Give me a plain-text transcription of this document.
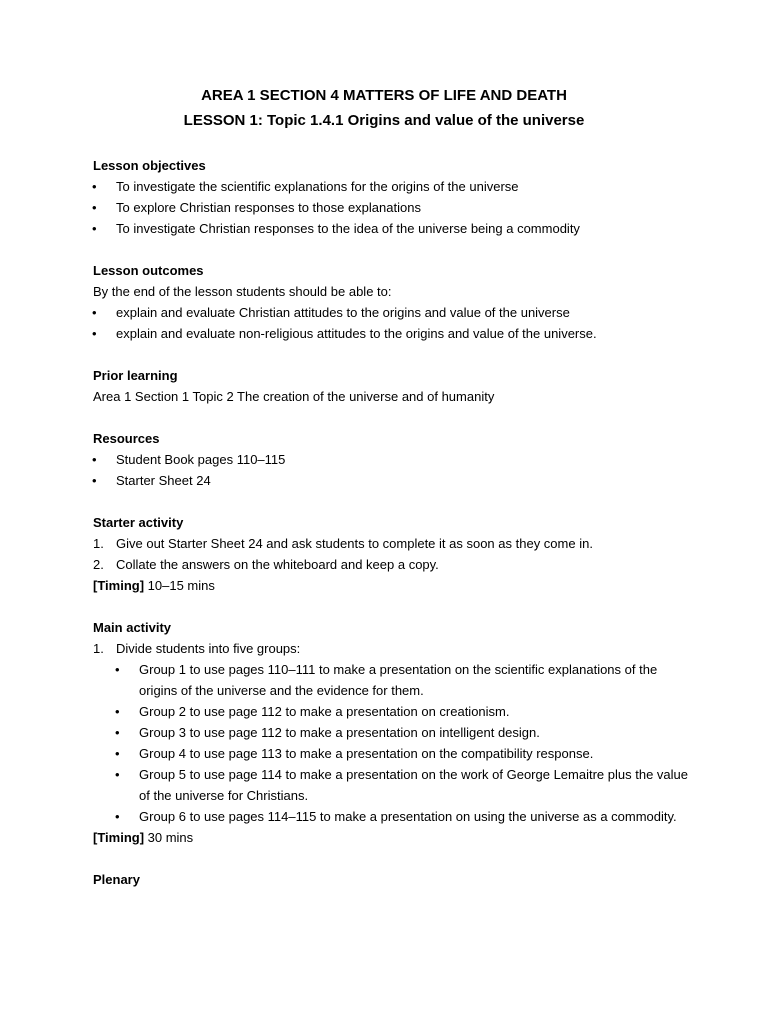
AREA 1 SECTION 4 MATTERS OF LIFE AND DEATH

LESSON 1: Topic 1.4.1 Origins and value of the universe

Lesson objectives
•	To investigate the scientific explanations for the origins of the universe
•	To explore Christian responses to those explanations
•	To investigate Christian responses to the idea of the universe being a commodity
Lesson outcomes
By the end of the lesson students should be able to:
•	explain and evaluate Christian attitudes to the origins and value of the universe
•	explain and evaluate non-religious attitudes to the origins and value of the universe.
Prior learning
Area 1 Section 1 Topic 2 The creation of the universe and of humanity
Resources
•	Student Book pages 110–115
•	Starter Sheet 24
Starter activity
1. Give out Starter Sheet 24 and ask students to complete it as soon as they come in.
2. Collate the answers on the whiteboard and keep a copy.
[Timing] 10–15 mins
Main activity
1. Divide students into five groups:
•	Group 1 to use pages 110–111 to make a presentation on the scientific explanations of the origins of the universe and the evidence for them.
•	Group 2 to use page 112 to make a presentation on creationism.
•	Group 3 to use page 112 to make a presentation on intelligent design.
•	Group 4 to use page 113 to make a presentation on the compatibility response.
•	Group 5 to use page 114 to make a presentation on the work of George Lemaitre plus the value of the universe for Christians.
•	Group 6 to use pages 114–115 to make a presentation on using the universe as a commodity.
[Timing] 30 mins
Plenary
